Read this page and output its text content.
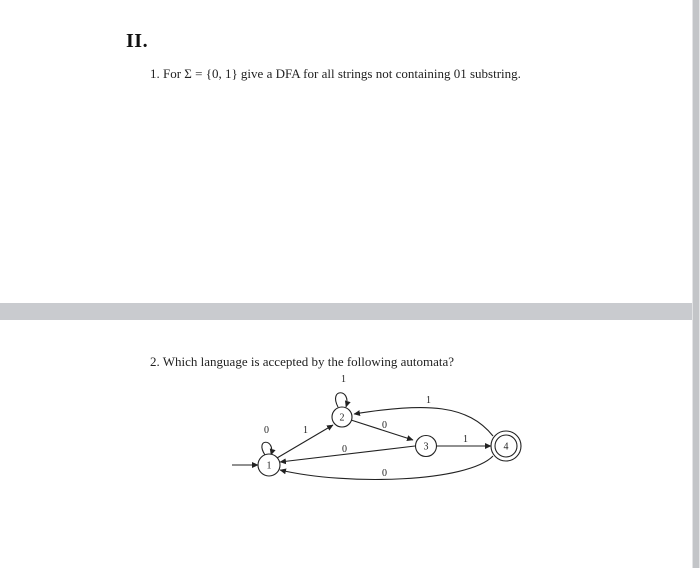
II.
1. For Σ = {0, 1} give a DFA for all strings not containing 01 substring.
2. Which language is accepted by the following automata?
0	1
1
0
0
1
1
0
1
2
3	4
